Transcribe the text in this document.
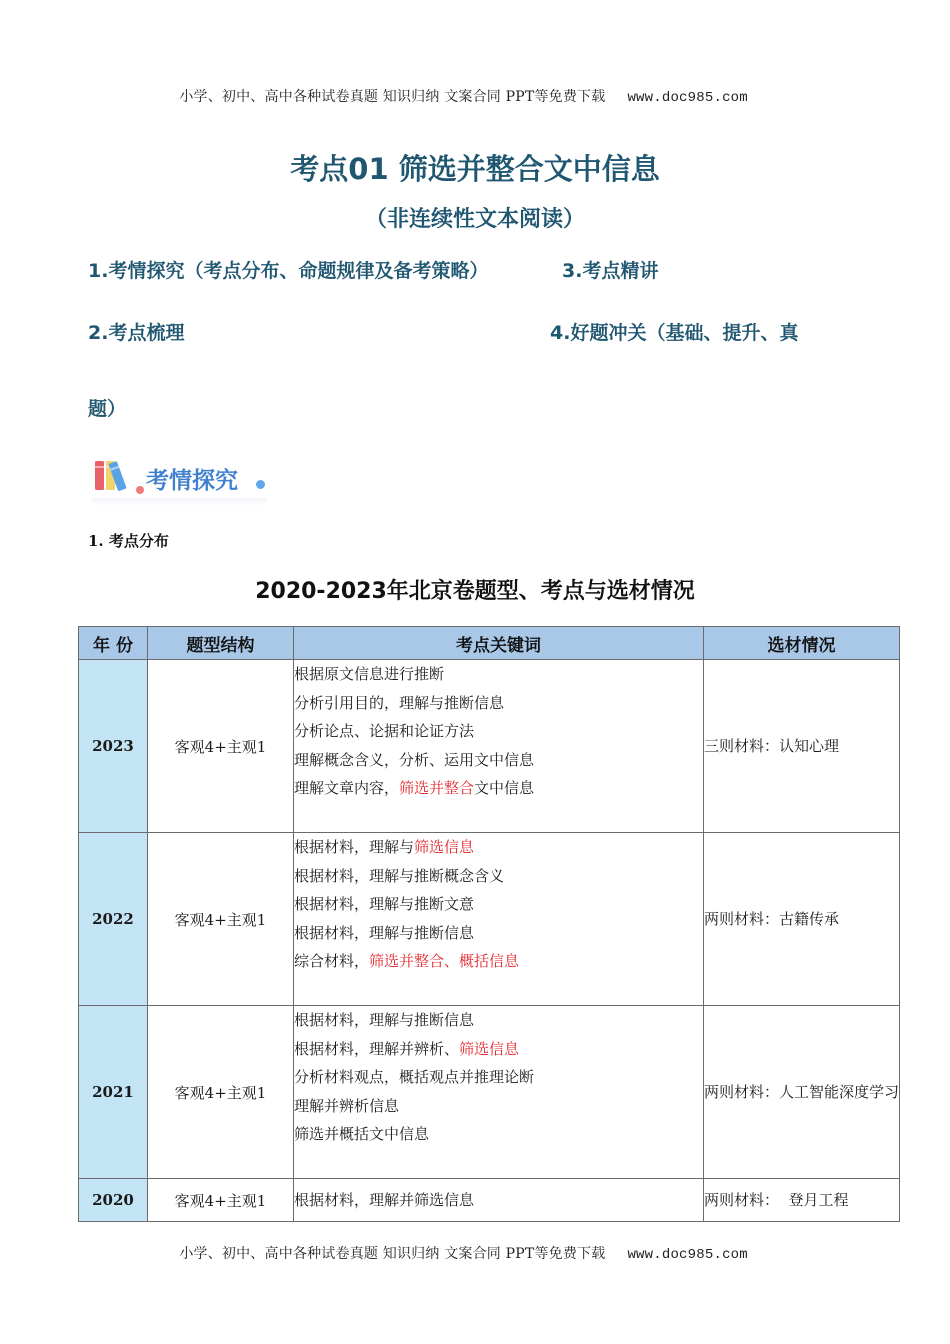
小学、初中、高中各种试卷真题 知识归纳 文案合同 PPT等免费下载 www.doc985.com

考点01 筛选并整合文中信息
（非连续性文本阅读）
1.考情探究（考点分布、命题规律及备考策略）	3.考点精讲
2.考点梳理	4.好题冲关（基础、提升、真
题）
考情探究
1. 考点分布
2020-2023年北京卷题型、考点与选材情况
年 份	题型结构	考点关键词	选材情况
2023	客观4+主观1	根据原文信息进行推断
分析引用目的，理解与推断信息
分析论点、论据和论证方法
理解概念含义，分析、运用文中信息
理解文章内容，筛选并整合文中信息	三则材料：认知心理
2022	客观4+主观1	根据材料，理解与筛选信息
根据材料，理解与推断概念含义
根据材料，理解与推断文意
根据材料，理解与推断信息
综合材料，筛选并整合、概括信息	两则材料：古籍传承
2021	客观4+主观1	根据材料，理解与推断信息
根据材料，理解并辨析、筛选信息
分析材料观点，概括观点并推理论断
理解并辨析信息
筛选并概括文中信息	两则材料：人工智能深度学习
2020	客观4+主观1	根据材料，理解并筛选信息	两则材料：  登月工程

小学、初中、高中各种试卷真题 知识归纳 文案合同 PPT等免费下载 www.doc985.com
